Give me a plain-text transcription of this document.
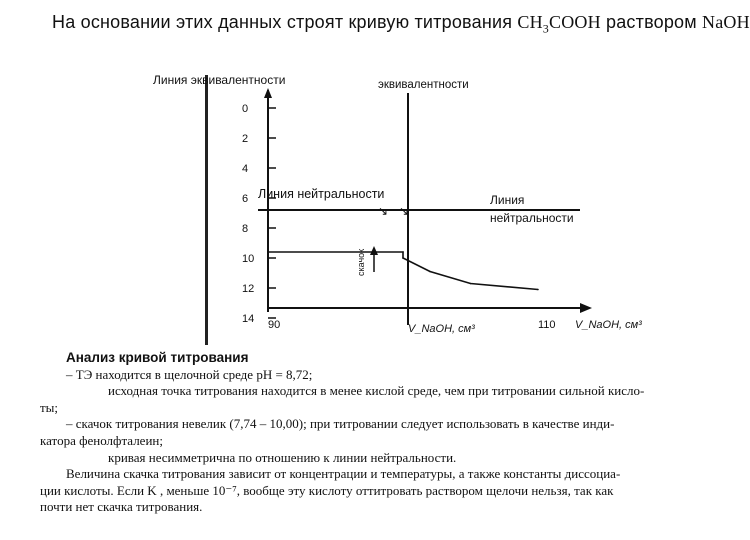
На основании этих данных строят кривую титрования $CH_3COOH$ раствором NaOH
↘ ↘
0
2
4
6
8
10
12
14
Линия эквивалентности	эквивалентности
Линия нейтральности	Линия
нейтральности
скачок
90	V_NaOH, см³	110 V_NaOH, см³

Анализ кривой титрования

– ТЭ находится в щелочной среде pH = 8,72;

исходная точка титрования находится в менее кислой среде, чем при титровании сильной кисло-

ты;

– скачок титрования невелик (7,74 – 10,00); при титровании следует использовать в качестве инди-

катора фенолфталеин;

кривая несимметрична по отношению к линии нейтральности.

Величина скачка титрования зависит от концентрации и температуры, а также константы диссоциа-

ции кислоты. Если K , меньше 10⁻⁷, вообще эту кислоту оттитровать раствором щелочи нельзя, так как

почти нет скачка титрования.
